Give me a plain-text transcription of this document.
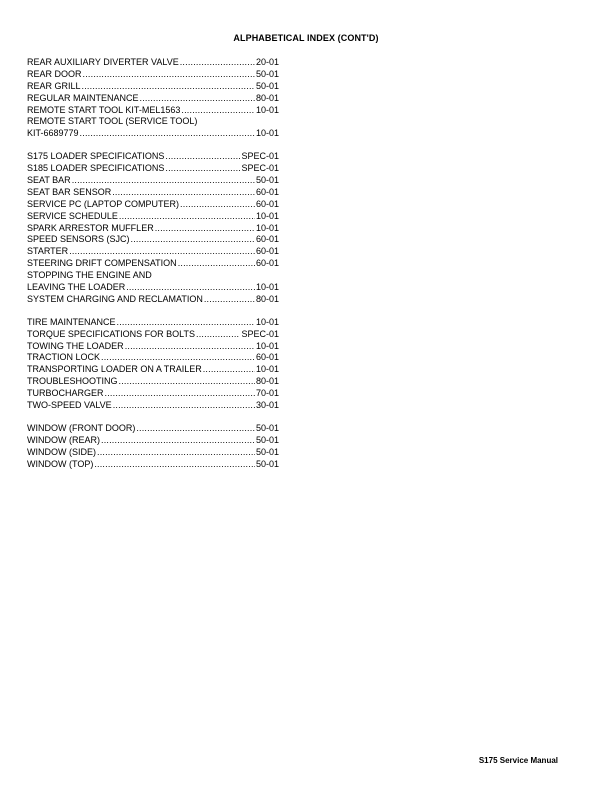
ALPHABETICAL INDEX (CONT'D)
REAR AUXILIARY DIVERTER VALVE .....	20-01
REAR DOOR .....	50-01
REAR GRILL .....	50-01
REGULAR MAINTENANCE .....	80-01
REMOTE START TOOL KIT-MEL1563 .....	10-01
REMOTE START TOOL (SERVICE TOOL)
KIT-6689779 .....	10-01
S175 LOADER SPECIFICATIONS .....	SPEC-01
S185 LOADER SPECIFICATIONS .....	SPEC-01
SEAT BAR .....	50-01
SEAT BAR SENSOR .....	60-01
SERVICE PC (LAPTOP COMPUTER) .....	60-01
SERVICE SCHEDULE .....	10-01
SPARK ARRESTOR MUFFLER .....	10-01
SPEED SENSORS (SJC) .....	60-01
STARTER .....	60-01
STEERING DRIFT COMPENSATION .....	60-01
STOPPING THE ENGINE AND
LEAVING THE LOADER .....	10-01
SYSTEM CHARGING AND RECLAMATION .....	80-01
TIRE MAINTENANCE .....	10-01
TORQUE SPECIFICATIONS FOR BOLTS .....	SPEC-01
TOWING THE LOADER .....	10-01
TRACTION LOCK .....	60-01
TRANSPORTING LOADER ON A TRAILER .....	10-01
TROUBLESHOOTING .....	80-01
TURBOCHARGER .....	70-01
TWO-SPEED VALVE .....	30-01
WINDOW (FRONT DOOR) .....	50-01
WINDOW (REAR) .....	50-01
WINDOW (SIDE) .....	50-01
WINDOW (TOP) .....	50-01
S175 Service Manual
